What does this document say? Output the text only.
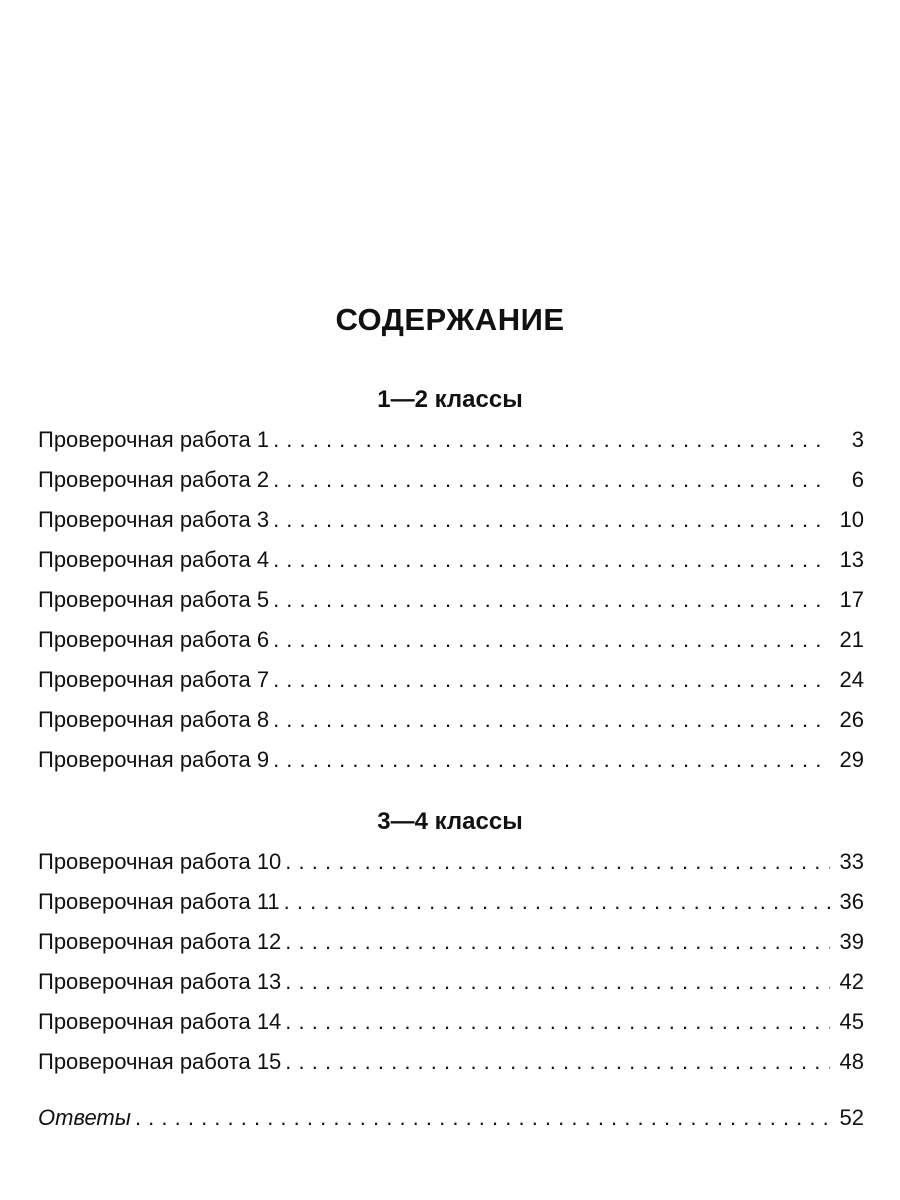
СОДЕРЖАНИЕ
1—2 классы
Проверочная работа 1 . . .	3
Проверочная работа 2 . . .	6
Проверочная работа 3 . . .	10
Проверочная работа 4 . . .	13
Проверочная работа 5 . . .	17
Проверочная работа 6 . . .	21
Проверочная работа 7 . . .	24
Проверочная работа 8 . . .	26
Проверочная работа 9 . . .	29
3—4 классы
Проверочная работа 10 . . .	33
Проверочная работа 11 . . .	36
Проверочная работа 12 . . .	39
Проверочная работа 13 . . .	42
Проверочная работа 14 . . .	45
Проверочная работа 15 . . .	48
Ответы . . .	52
